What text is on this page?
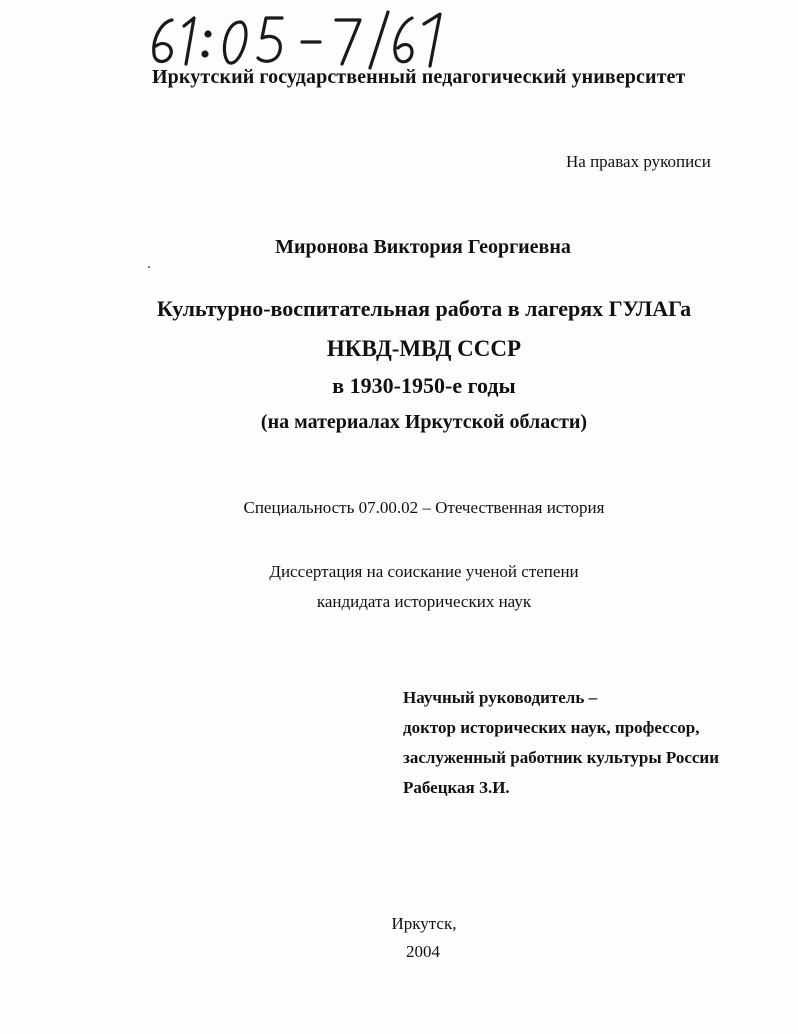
Иркутский государственный педагогический университет
На правах рукописи
Миронова Виктория Георгиевна
Культурно-воспитательная работа в лагерях ГУЛАГа
НКВД-МВД СССР
в 1930-1950-е годы
(на материалах Иркутской области)
Специальность 07.00.02 – Отечественная история
Диссертация на соискание ученой степени
кандидата исторических наук
Научный руководитель –
доктор исторических наук, профессор,
заслуженный работник культуры России
Рабецкая З.И.
Иркутск,
2004
